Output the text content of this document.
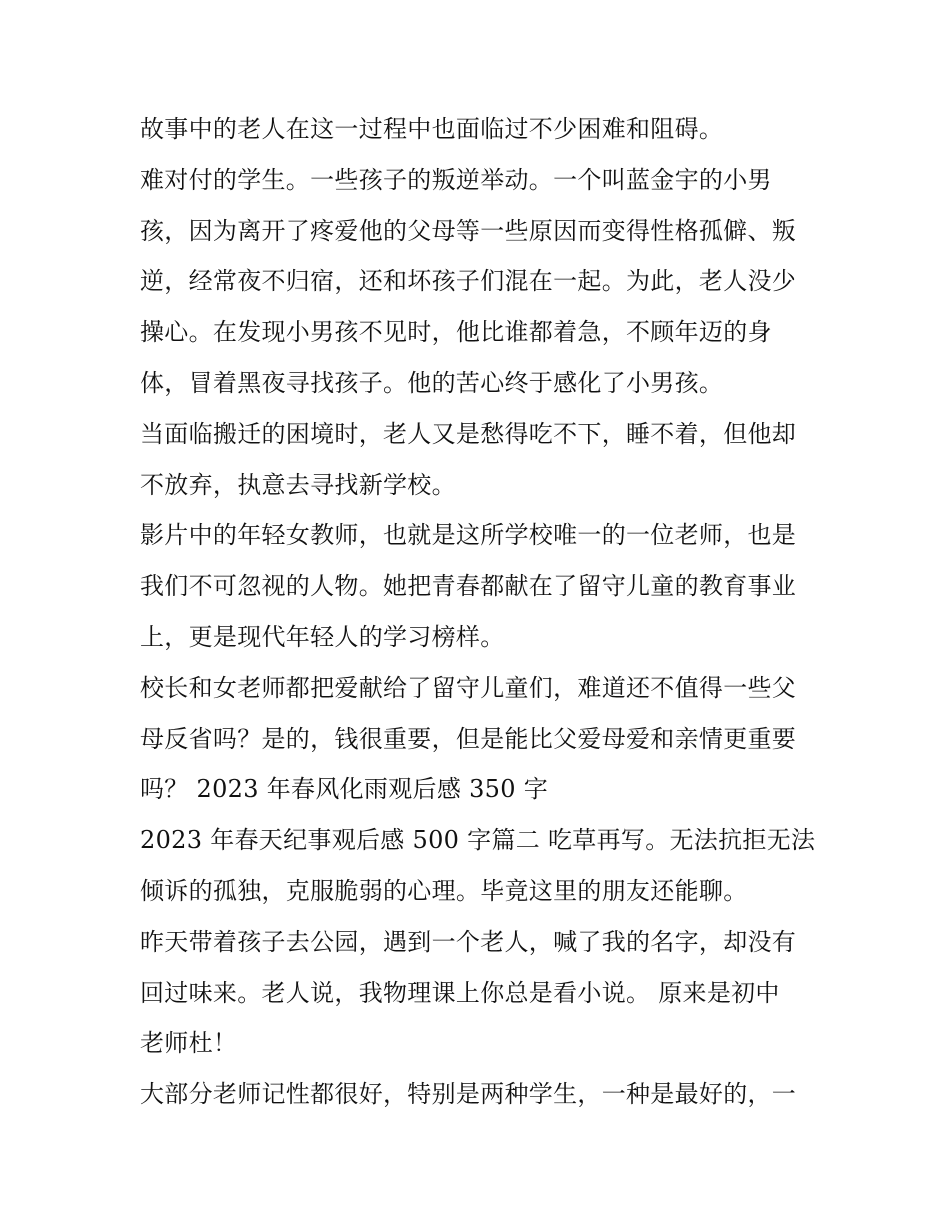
故事中的老人在这一过程中也面临过不少困难和阻碍。
难对付的学生。一些孩子的叛逆举动。一个叫蓝金宇的小男
孩，因为离开了疼爱他的父母等一些原因而变得性格孤僻、叛
逆，经常夜不归宿，还和坏孩子们混在一起。为此，老人没少
操心。在发现小男孩不见时，他比谁都着急，不顾年迈的身
体，冒着黑夜寻找孩子。他的苦心终于感化了小男孩。
当面临搬迁的困境时，老人又是愁得吃不下，睡不着，但他却
不放弃，执意去寻找新学校。
影片中的年轻女教师，也就是这所学校唯一的一位老师，也是
我们不可忽视的人物。她把青春都献在了留守儿童的教育事业
上，更是现代年轻人的学习榜样。
校长和女老师都把爱献给了留守儿童们，难道还不值得一些父
母反省吗？是的，钱很重要，但是能比父爱母爱和亲情更重要
吗？ 2023 年春风化雨观后感 350 字
2023 年春天纪事观后感 500 字篇二 吃草再写。无法抗拒无法
倾诉的孤独，克服脆弱的心理。毕竟这里的朋友还能聊。
昨天带着孩子去公园，遇到一个老人，喊了我的名字，却没有
回过味来。老人说，我物理课上你总是看小说。 原来是初中
老师杜！
大部分老师记性都很好，特别是两种学生，一种是最好的，一
